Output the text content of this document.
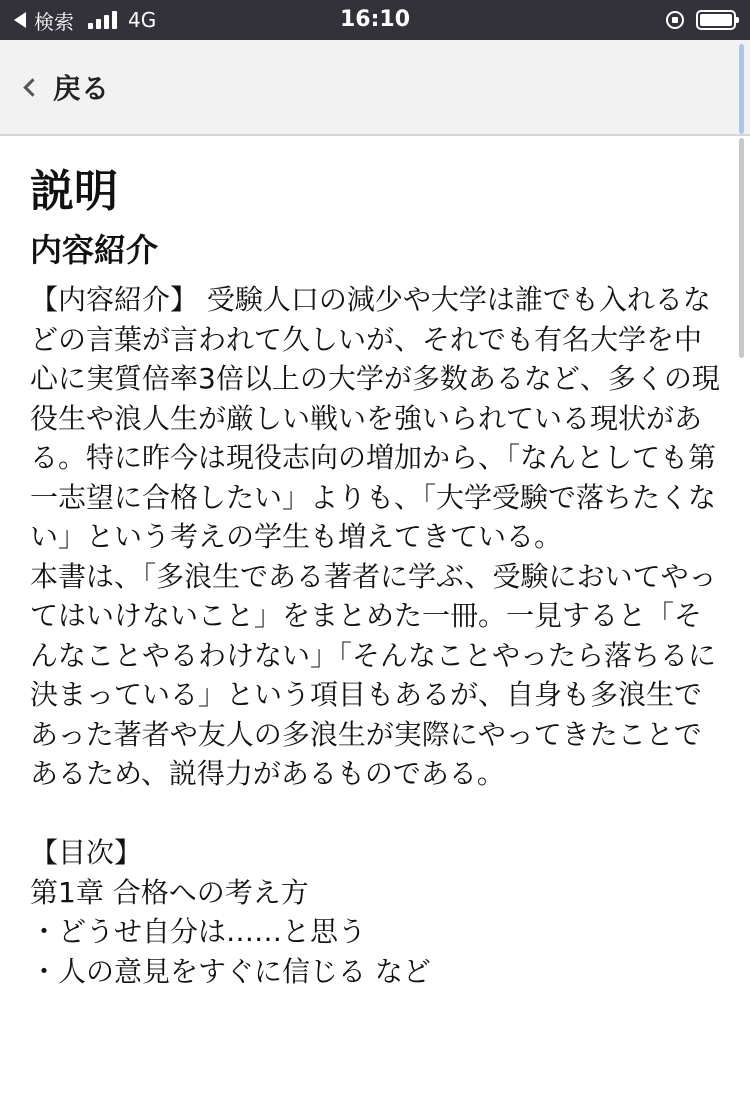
検索	4G	16:10
戻る
説明
内容紹介

【内容紹介】 受験人口の減少や大学は誰でも入れるなどの言葉が言われて久しいが、それでも有名大学を中心に実質倍率3倍以上の大学が多数あるなど、多くの現役生や浪人生が厳しい戦いを強いられている現状がある。特に昨今は現役志向の増加から、「なんとしても第一志望に合格したい」よりも、「大学受験で落ちたくない」という考えの学生も増えてきている。

本書は、「多浪生である著者に学ぶ、受験においてやってはいけないこと」をまとめた一冊。一見すると「そんなことやるわけない」「そんなことやったら落ちるに決まっている」という項目もあるが、自身も多浪生であった著者や友人の多浪生が実際にやってきたことであるため、説得力があるものである。

【目次】

第1章 合格への考え方

・どうせ自分は……と思う

・人の意見をすぐに信じる など
